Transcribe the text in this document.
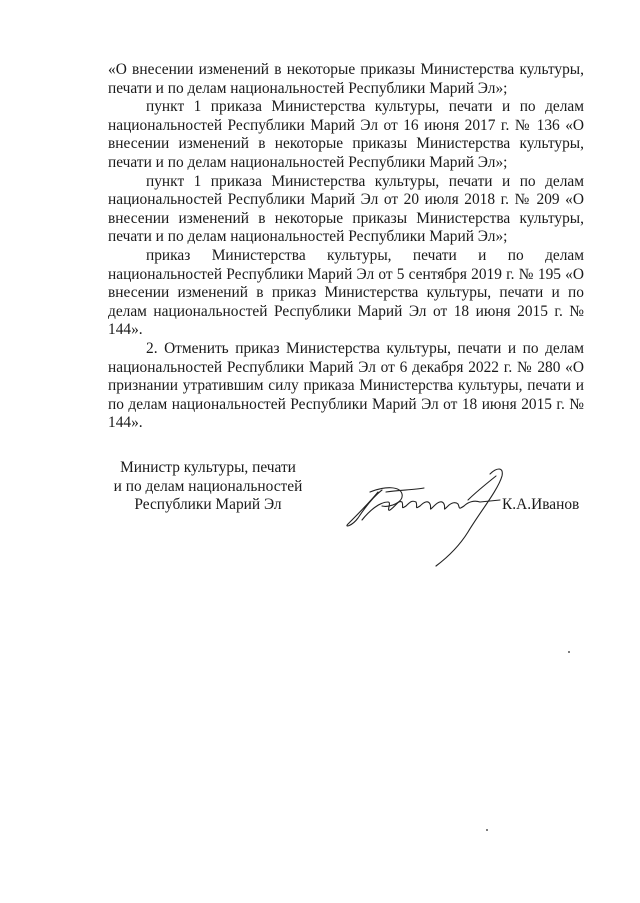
«О внесении изменений в некоторые приказы Министерства культуры, печати и по делам национальностей Республики Марий Эл»;

пункт 1 приказа Министерства культуры, печати и по делам национальностей Республики Марий Эл от 16 июня 2017 г. № 136 «О внесении изменений в некоторые приказы Министерства культуры, печати и по делам национальностей Республики Марий Эл»;

пункт 1 приказа Министерства культуры, печати и по делам национальностей Республики Марий Эл от 20 июля 2018 г. № 209 «О внесении изменений в некоторые приказы Министерства культуры, печати и по делам национальностей Республики Марий Эл»;

приказ Министерства культуры, печати и по делам национальностей Республики Марий Эл от 5 сентября 2019 г. № 195 «О внесении изменений в приказ Министерства культуры, печати и по делам национальностей Республики Марий Эл от 18 июня 2015 г. № 144».

2. Отменить приказ Министерства культуры, печати и по делам национальностей Республики Марий Эл от 6 декабря 2022 г. № 280 «О признании утратившим силу приказа Министерства культуры, печати и по делам национальностей Республики Марий Эл от 18 июня 2015 г. № 144».

Министр культуры, печати
и по делам национальностей
Республики Марий Эл	К.А.Иванов
